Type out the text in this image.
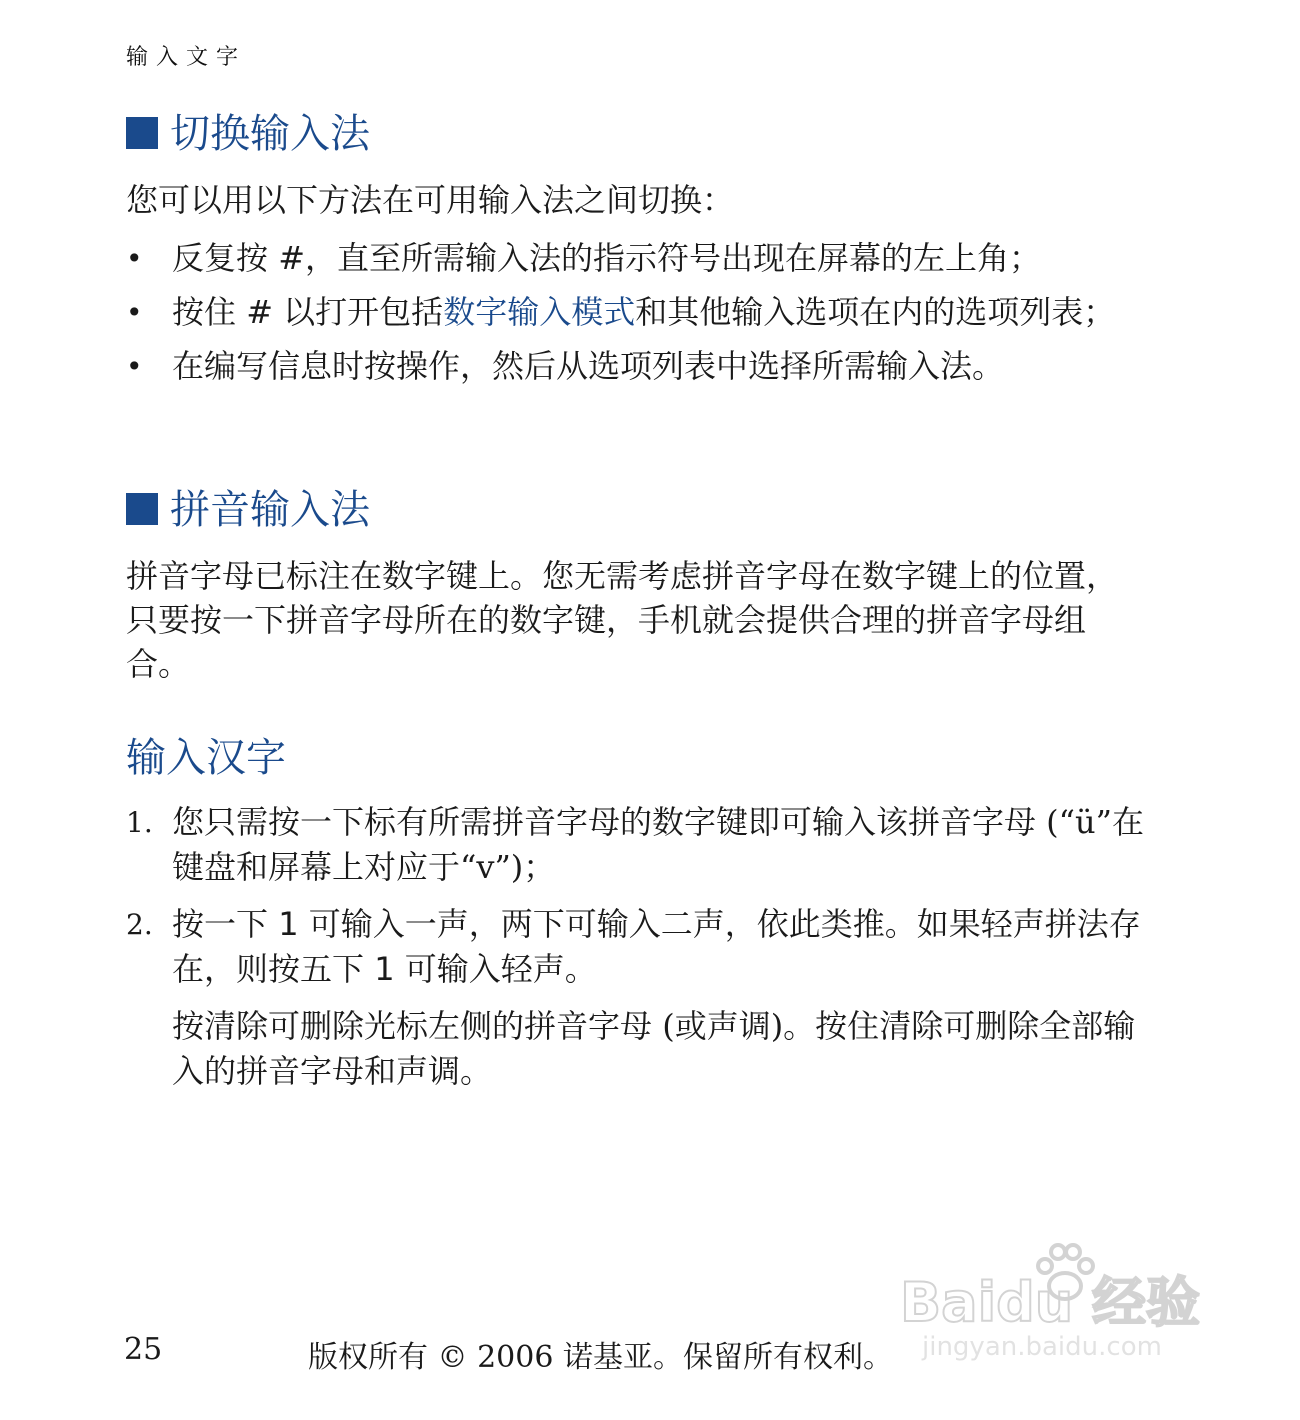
输入文字
切换输入法

您可以用以下方法在可用输入法之间切换：

• 反复按 #，直至所需输入法的指示符号出现在屏幕的左上角；
• 按住 # 以打开包括数字输入模式和其他输入选项在内的选项列表；
• 在编写信息时按操作，然后从选项列表中选择所需输入法。
拼音输入法

拼音字母已标注在数字键上。您无需考虑拼音字母在数字键上的位置，只要按一下拼音字母所在的数字键，手机就会提供合理的拼音字母组合。

输入汉字
1. 您只需按一下标有所需拼音字母的数字键即可输入该拼音字母 (“ü”在键盘和屏幕上对应于“v”)；
2. 按一下 1 可输入一声，两下可输入二声，依此类推。如果轻声拼法存在，则按五下 1 可输入轻声。
按清除可删除光标左侧的拼音字母 (或声调)。按住清除可删除全部输入的拼音字母和声调。
25	版权所有 © 2006 诺基亚。保留所有权利。
Baidu 经验
jingyan.baidu.com
